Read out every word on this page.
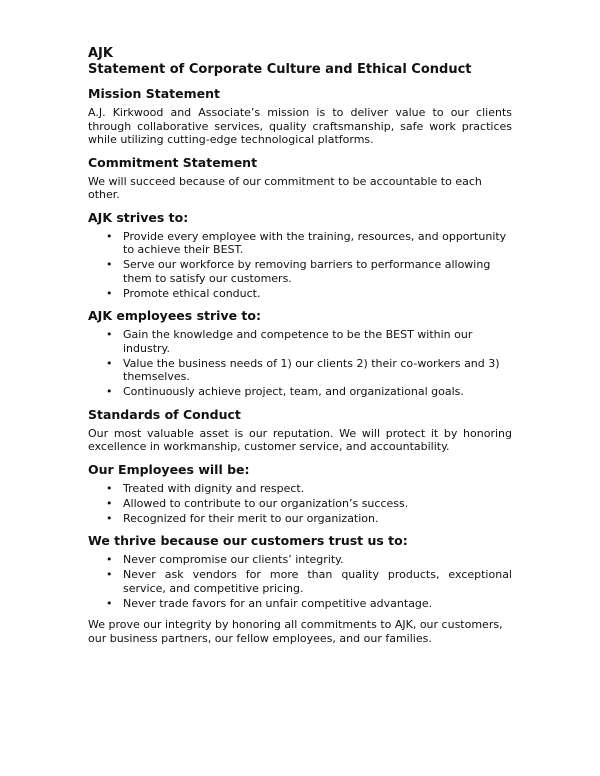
AJK

Statement of Corporate Culture and Ethical Conduct

Mission Statement

A.J. Kirkwood and Associate’s mission is to deliver value to our clients through collaborative services, quality craftsmanship, safe work practices while utilizing cutting-edge technological platforms.

Commitment Statement

We will succeed because of our commitment to be accountable to each other.

AJK strives to:

• Provide every employee with the training, resources, and opportunity to achieve their BEST.
• Serve our workforce by removing barriers to performance allowing them to satisfy our customers.
• Promote ethical conduct.

AJK employees strive to:

• Gain the knowledge and competence to be the BEST within our industry.
• Value the business needs of 1) our clients 2) their co-workers and 3) themselves.
• Continuously achieve project, team, and organizational goals.

Standards of Conduct

Our most valuable asset is our reputation. We will protect it by honoring excellence in workmanship, customer service, and accountability.

Our Employees will be:

• Treated with dignity and respect.
• Allowed to contribute to our organization’s success.
• Recognized for their merit to our organization.

We thrive because our customers trust us to:

• Never compromise our clients’ integrity.
• Never ask vendors for more than quality products, exceptional service, and competitive pricing.
• Never trade favors for an unfair competitive advantage.

We prove our integrity by honoring all commitments to AJK, our customers, our business partners, our fellow employees, and our families.
